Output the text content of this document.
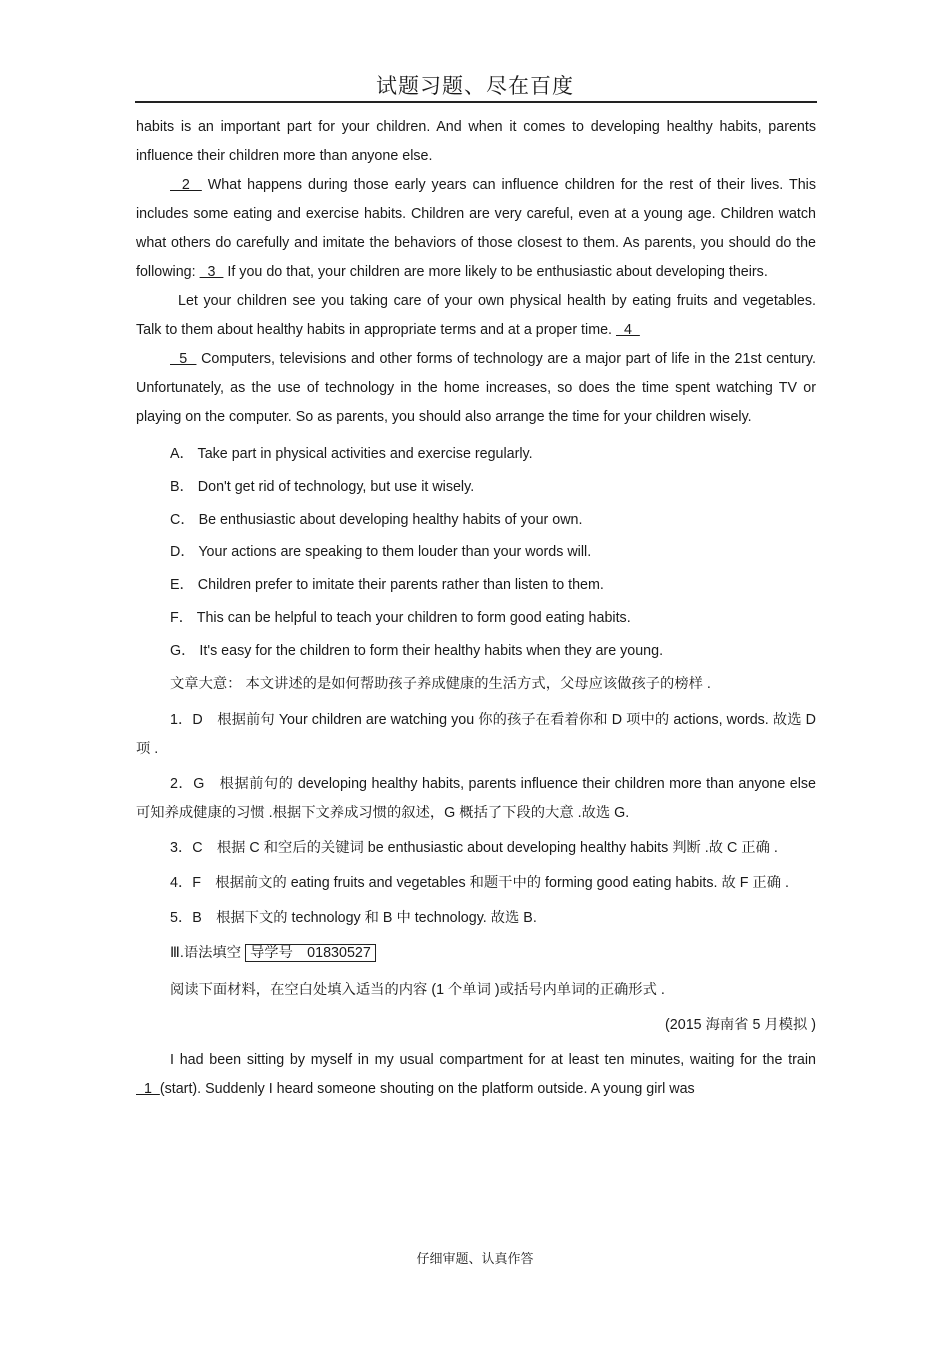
试题习题、尽在百度

habits is an important part for your children. And when it comes to developing healthy habits, parents influence their children more than anyone else.

2   What happens during those early years can influence children for the rest of their lives. This includes some eating and exercise habits. Children are very careful, even at a young age. Children watch what others do carefully and imitate the behaviors of those closest to them. As parents, you should do the following:   3   If you do that, your children are more likely to be enthusiastic about developing theirs.

Let your children see you taking care of your own physical health by eating fruits and vegetables. Talk to them about healthy habits in appropriate terms and at a proper time.   4

5   Computers, televisions and other forms of technology are a major part of life in the 21st century. Unfortunately, as the use of technology in the home increases, so does the time spent watching TV or playing on the computer. So as parents, you should also arrange the time for your children wisely.

A． Take part in physical activities and exercise regularly.

B． Don't get rid of technology, but use it wisely.

C． Be enthusiastic about developing healthy habits of your own.

D． Your actions are speaking to them louder than your words will.

E． Children prefer to imitate their parents rather than listen to them.

F． This can be helpful to teach your children to form good eating habits.

G． It's easy for the children to form their healthy habits when they are young.

文章大意： 本文讲述的是如何帮助孩子养成健康的生活方式，父母应该做孩子的榜样 .

1．D　根据前句 Your children are watching you 你的孩子在看着你和 D 项中的 actions, words. 故选 D 项 .

2．G　根据前句的 developing healthy habits, parents influence their children more than anyone else 可知养成健康的习惯 .根据下文养成习惯的叙述，G 概括了下段的大意 .故选 G.

3．C　根据 C 和空后的关键词 be enthusiastic about developing healthy habits 判断 .故 C 正确 .

4．F　根据前文的 eating fruits and vegetables 和题干中的 forming good eating habits. 故 F 正确 .

5．B　根据下文的 technology 和 B 中 technology. 故选 B.

Ⅲ.语法填空 导学号　01830527

阅读下面材料，在空白处填入适当的内容 (1 个单词 )或括号内单词的正确形式 .

(2015 海南省 5 月模拟 )

I had been sitting by myself in my usual compartment for at least ten minutes, waiting for the train   1  (start). Suddenly I heard someone shouting on the platform outside. A young girl was

仔细审题、认真作答
